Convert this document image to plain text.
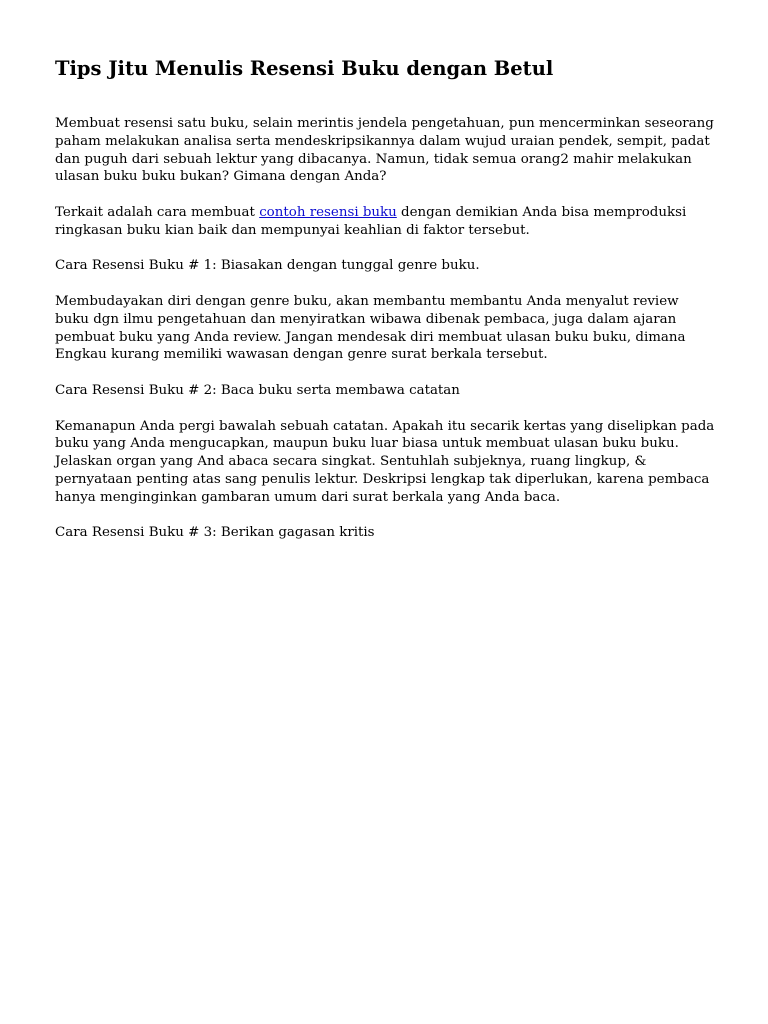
Tips Jitu Menulis Resensi Buku dengan Betul

Membuat resensi satu buku, selain merintis jendela pengetahuan, pun mencerminkan seseorang paham melakukan analisa serta mendeskripsikannya dalam wujud uraian pendek, sempit, padat dan puguh dari sebuah lektur yang dibacanya. Namun, tidak semua orang2 mahir melakukan ulasan buku buku bukan? Gimana dengan Anda?

Terkait adalah cara membuat contoh resensi buku dengan demikian Anda bisa memproduksi ringkasan buku kian baik dan mempunyai keahlian di faktor tersebut.

Cara Resensi Buku # 1: Biasakan dengan tunggal genre buku.

Membudayakan diri dengan genre buku, akan membantu membantu Anda menyalut review buku dgn ilmu pengetahuan dan menyiratkan wibawa dibenak pembaca, juga dalam ajaran pembuat buku yang Anda review. Jangan mendesak diri membuat ulasan buku buku, dimana Engkau kurang memiliki wawasan dengan genre surat berkala tersebut.

Cara Resensi Buku # 2: Baca buku serta membawa catatan

Kemanapun Anda pergi bawalah sebuah catatan. Apakah itu secarik kertas yang diselipkan pada buku yang Anda mengucapkan, maupun buku luar biasa untuk membuat ulasan buku buku. Jelaskan organ yang And abaca secara singkat. Sentuhlah subjeknya, ruang lingkup, & pernyataan penting atas sang penulis lektur. Deskripsi lengkap tak diperlukan, karena pembaca hanya menginginkan gambaran umum dari surat berkala yang Anda baca.

Cara Resensi Buku # 3: Berikan gagasan kritis
